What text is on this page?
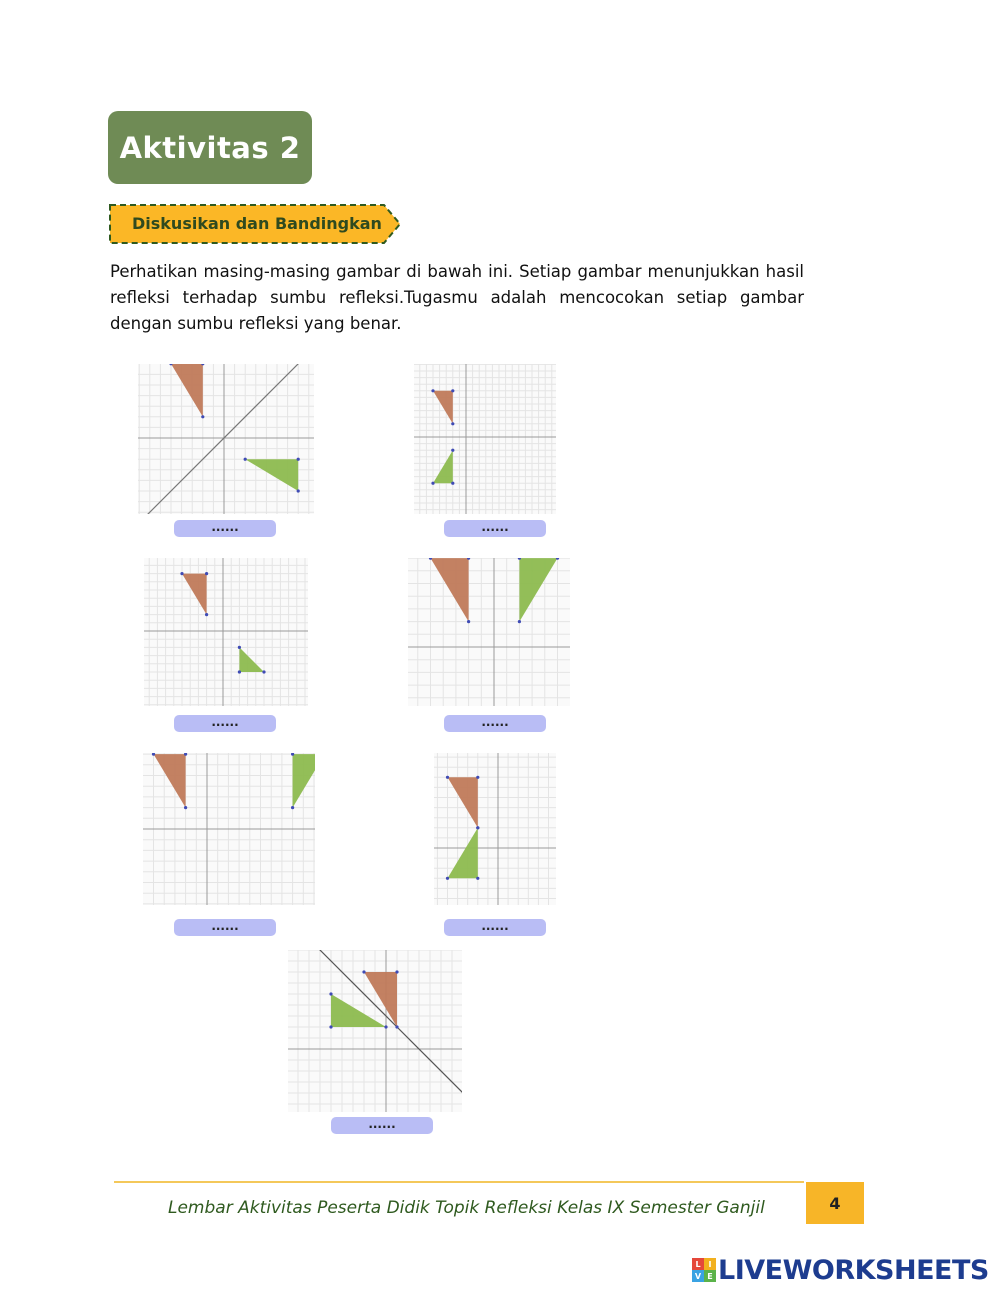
Aktivitas 2
Diskusikan dan Bandingkan
Perhatikan masing-masing gambar di bawah ini. Setiap gambar menunjukkan hasil refleksi terhadap sumbu refleksi.Tugasmu adalah mencocokan setiap gambar dengan sumbu refleksi yang benar.
......	......
......	......
......	......
......
Lembar Aktivitas Peserta Didik Topik Refleksi Kelas IX Semester Ganjil	4
L I
V E LIVEWORKSHEETS
